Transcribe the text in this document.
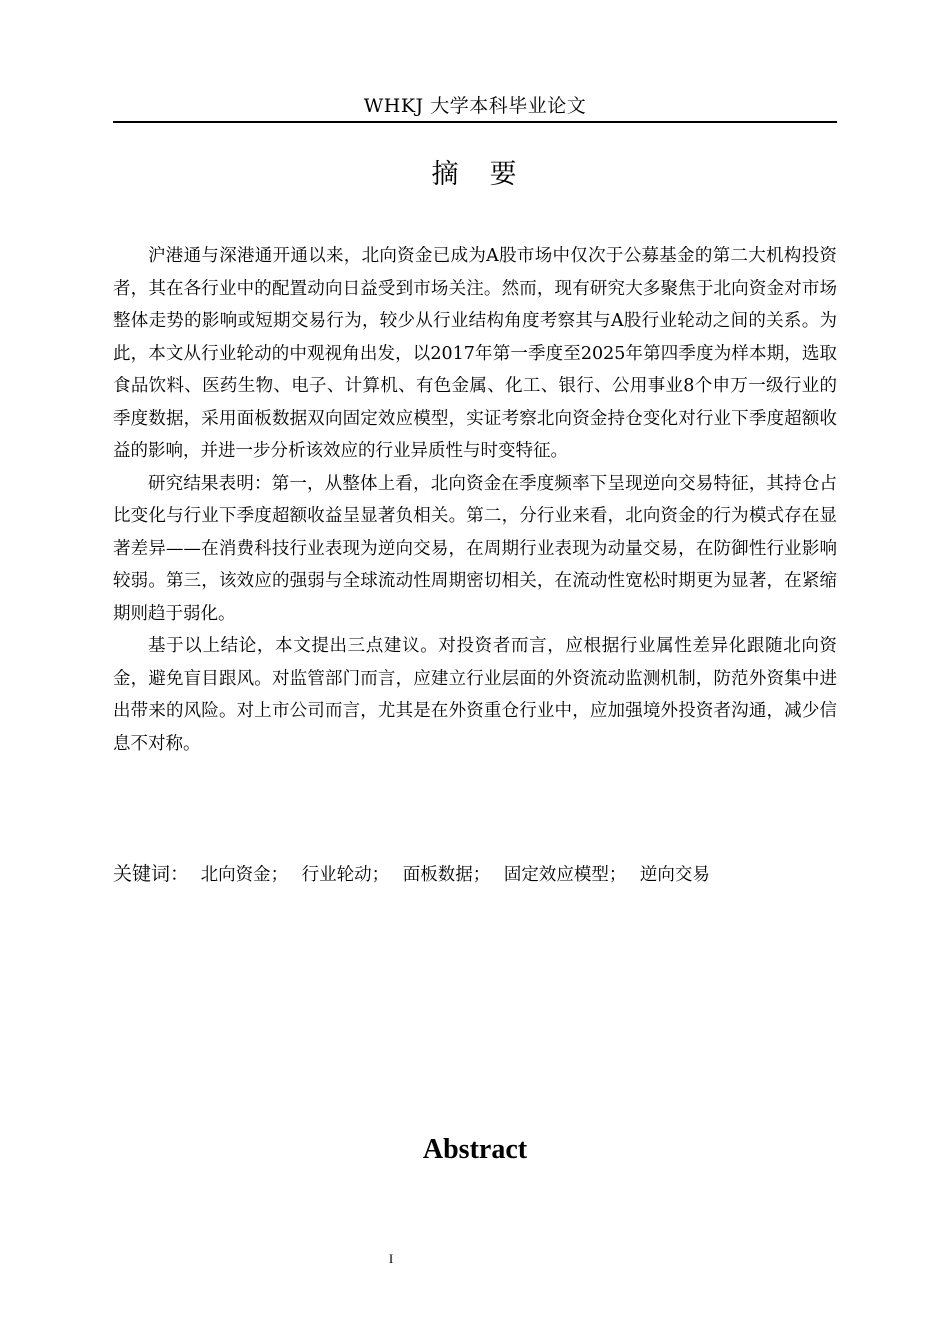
WHKJ 大学本科毕业论文
摘　要

沪港通与深港通开通以来，北向资金已成为A股市场中仅次于公募基金的第二大机构投资者，其在各行业中的配置动向日益受到市场关注。然而，现有研究大多聚焦于北向资金对市场整体走势的影响或短期交易行为，较少从行业结构角度考察其与A股行业轮动之间的关系。为此，本文从行业轮动的中观视角出发，以2017年第一季度至2025年第四季度为样本期，选取食品饮料、医药生物、电子、计算机、有色金属、化工、银行、公用事业8个申万一级行业的季度数据，采用面板数据双向固定效应模型，实证考察北向资金持仓变化对行业下季度超额收益的影响，并进一步分析该效应的行业异质性与时变特征。

研究结果表明：第一，从整体上看，北向资金在季度频率下呈现逆向交易特征，其持仓占比变化与行业下季度超额收益呈显著负相关。第二，分行业来看，北向资金的行为模式存在显著差异——在消费科技行业表现为逆向交易，在周期行业表现为动量交易，在防御性行业影响较弱。第三，该效应的强弱与全球流动性周期密切相关，在流动性宽松时期更为显著，在紧缩期则趋于弱化。

基于以上结论，本文提出三点建议。对投资者而言，应根据行业属性差异化跟随北向资金，避免盲目跟风。对监管部门而言，应建立行业层面的外资流动监测机制，防范外资集中进出带来的风险。对上市公司而言，尤其是在外资重仓行业中，应加强境外投资者沟通，减少信息不对称。

关键词： 北向资金； 行业轮动； 面板数据； 固定效应模型； 逆向交易
Abstract
I
